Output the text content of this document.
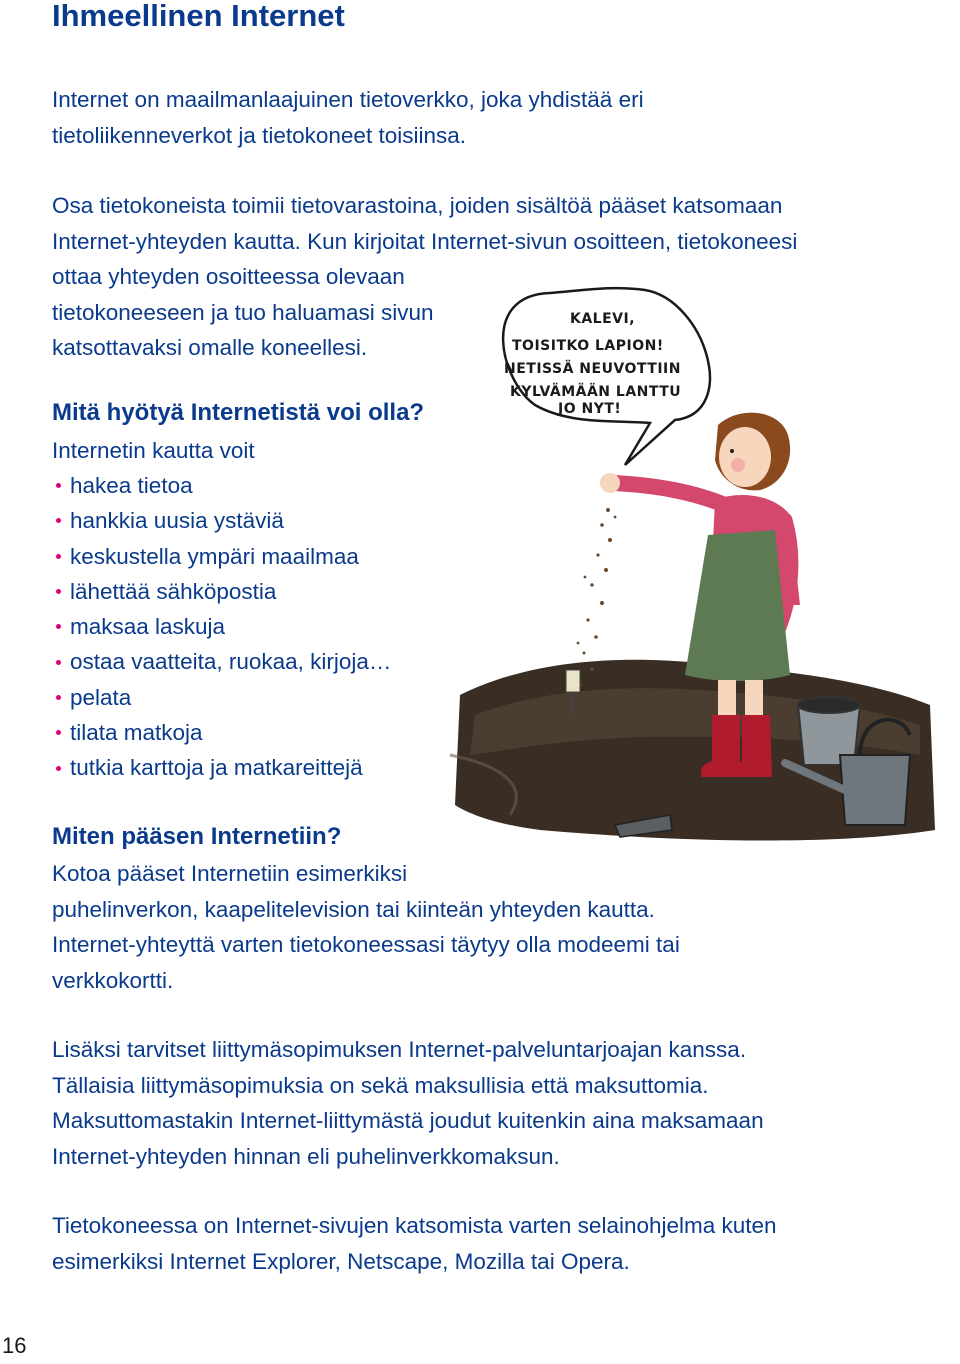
Ihmeellinen Internet

Internet on maailmanlaajuinen tietoverkko, joka yhdistää eri
tietoliikenneverkot ja tietokoneet toisiinsa.

Osa tietokoneista toimii tietovarastoina, joiden sisältöä pääset katsomaan
Internet-yhteyden kautta. Kun kirjoitat Internet-sivun osoitteen, tietokoneesi
ottaa yhteyden osoitteessa olevaan
tietokoneeseen ja tuo haluamasi sivun
katsottavaksi omalle koneellesi.

Mitä hyötyä Internetistä voi olla?

Internetin kautta voit

hakea tietoa
hankkia uusia ystäviä
keskustella ympäri maailmaa
lähettää sähköpostia
maksaa laskuja
ostaa vaatteita, ruokaa, kirjoja…
pelata
tilata matkoja
tutkia karttoja ja matkareittejä
KALEVI,
TOISITKO LAPION!
NETISSÄ NEUVOTTIIN
KYLVÄMÄÄN LANTTU
JO NYT!
Miten pääsen Internetiin?

Kotoa pääset Internetiin esimerkiksi
puhelinverkon, kaapelitelevision tai kiinteän yhteyden kautta.
Internet-yhteyttä varten tietokoneessasi täytyy olla modeemi tai
verkkokortti.

Lisäksi tarvitset liittymäsopimuksen Internet-palveluntarjoajan kanssa.
Tällaisia liittymäsopimuksia on sekä maksullisia että maksuttomia.
Maksuttomastakin Internet-liittymästä joudut kuitenkin aina maksamaan
Internet-yhteyden hinnan eli puhelinverkkomaksun.

Tietokoneessa on Internet-sivujen katsomista varten selainohjelma kuten
esimerkiksi Internet Explorer, Netscape, Mozilla tai Opera.

16
